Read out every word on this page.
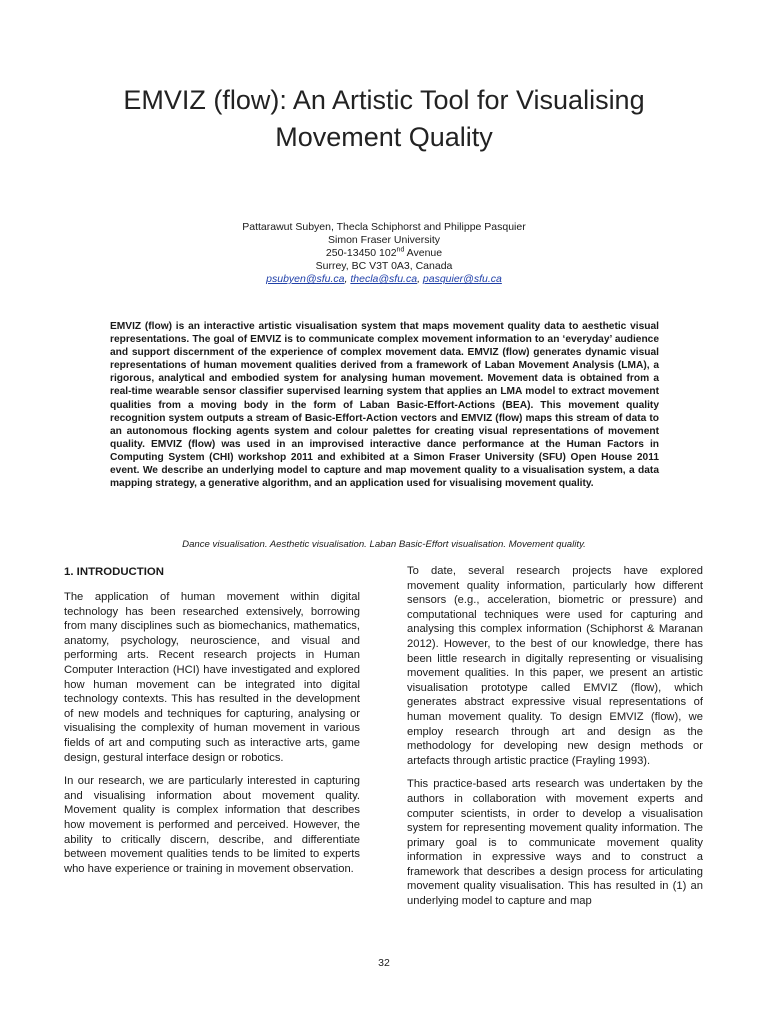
EMVIZ (flow): An Artistic Tool for Visualising
Movement Quality
Pattarawut Subyen, Thecla Schiphorst and Philippe Pasquier
Simon Fraser University
250-13450 102nd Avenue
Surrey, BC V3T 0A3, Canada
psubyen@sfu.ca, thecla@sfu.ca, pasquier@sfu.ca

EMVIZ (flow) is an interactive artistic visualisation system that maps movement quality data to aesthetic visual representations. The goal of EMVIZ is to communicate complex movement information to an ‘everyday’ audience and support discernment of the experience of complex movement data. EMVIZ (flow) generates dynamic visual representations of human movement qualities derived from a framework of Laban Movement Analysis (LMA), a rigorous, analytical and embodied system for analysing human movement. Movement data is obtained from a real-time wearable sensor classifier supervised learning system that applies an LMA model to extract movement qualities from a moving body in the form of Laban Basic-Effort-Actions (BEA). This movement quality recognition system outputs a stream of Basic-Effort-Action vectors and EMVIZ (flow) maps this stream of data to an autonomous flocking agents system and colour palettes for creating visual representations of movement quality. EMVIZ (flow) was used in an improvised interactive dance performance at the Human Factors in Computing System (CHI) workshop 2011 and exhibited at a Simon Fraser University (SFU) Open House 2011 event. We describe an underlying model to capture and map movement quality to a visualisation system, a data mapping strategy, a generative algorithm, and an application used for visualising movement quality.

Dance visualisation. Aesthetic visualisation. Laban Basic-Effort visualisation. Movement quality.
1. INTRODUCTION

The application of human movement within digital technology has been researched extensively, borrowing from many disciplines such as biomechanics, mathematics, anatomy, psychology, neuroscience, and visual and performing arts. Recent research projects in Human Computer Interaction (HCI) have investigated and explored how human movement can be integrated into digital technology contexts. This has resulted in the development of new models and techniques for capturing, analysing or visualising the complexity of human movement in various fields of art and computing such as interactive arts, game design, gestural interface design or robotics.

In our research, we are particularly interested in capturing and visualising information about movement quality. Movement quality is complex information that describes how movement is performed and perceived. However, the ability to critically discern, describe, and differentiate between movement qualities tends to be limited to experts who have experience or training in movement observation.

To date, several research projects have explored movement quality information, particularly how different sensors (e.g., acceleration, biometric or pressure) and computational techniques were used for capturing and analysing this complex information (Schiphorst & Maranan 2012). However, to the best of our knowledge, there has been little research in digitally representing or visualising movement qualities. In this paper, we present an artistic visualisation prototype called EMVIZ (flow), which generates abstract expressive visual representations of human movement quality. To design EMVIZ (flow), we employ research through art and design as the methodology for developing new design methods or artefacts through artistic practice (Frayling 1993).

This practice-based arts research was undertaken by the authors in collaboration with movement experts and computer scientists, in order to develop a visualisation system for representing movement quality information. The primary goal is to communicate movement quality information in expressive ways and to construct a framework that describes a design process for articulating movement quality visualisation. This has resulted in (1) an underlying model to capture and map

32
